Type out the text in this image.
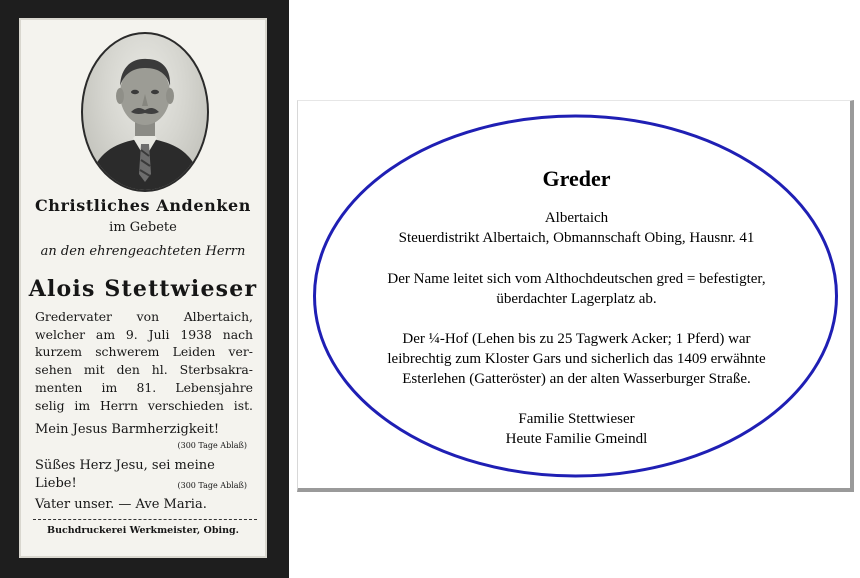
Christliches Andenken
im Gebete
an den ehrengeachteten Herrn
Alois Stettwieser
Gredervater von Albertaich,
welcher am 9. Juli 1938 nach
kurzem schwerem Leiden ver-
sehen mit den hl. Sterbsakra-
menten im 81. Lebensjahre
selig im Herrn verschieden ist.
Mein Jesus Barmherzigkeit!
(300 Tage Ablaß)
Süßes Herz Jesu, sei meine
Liebe!	(300 Tage Ablaß)
Vater unser. — Ave Maria.
Buchdruckerei Werkmeister, Obing.
Greder
Albertaich
Steuerdistrikt Albertaich, Obmannschaft Obing, Hausnr. 41
Der Name leitet sich vom Althochdeutschen gred = befestigter,
überdachter Lagerplatz ab.
Der ¼-Hof (Lehen bis zu 25 Tagwerk Acker; 1 Pferd) war
leibrechtig zum Kloster Gars und sicherlich das 1409 erwähnte
Esterlehen (Gatteröster) an der alten Wasserburger Straße.
Familie Stettwieser
Heute Familie Gmeindl
